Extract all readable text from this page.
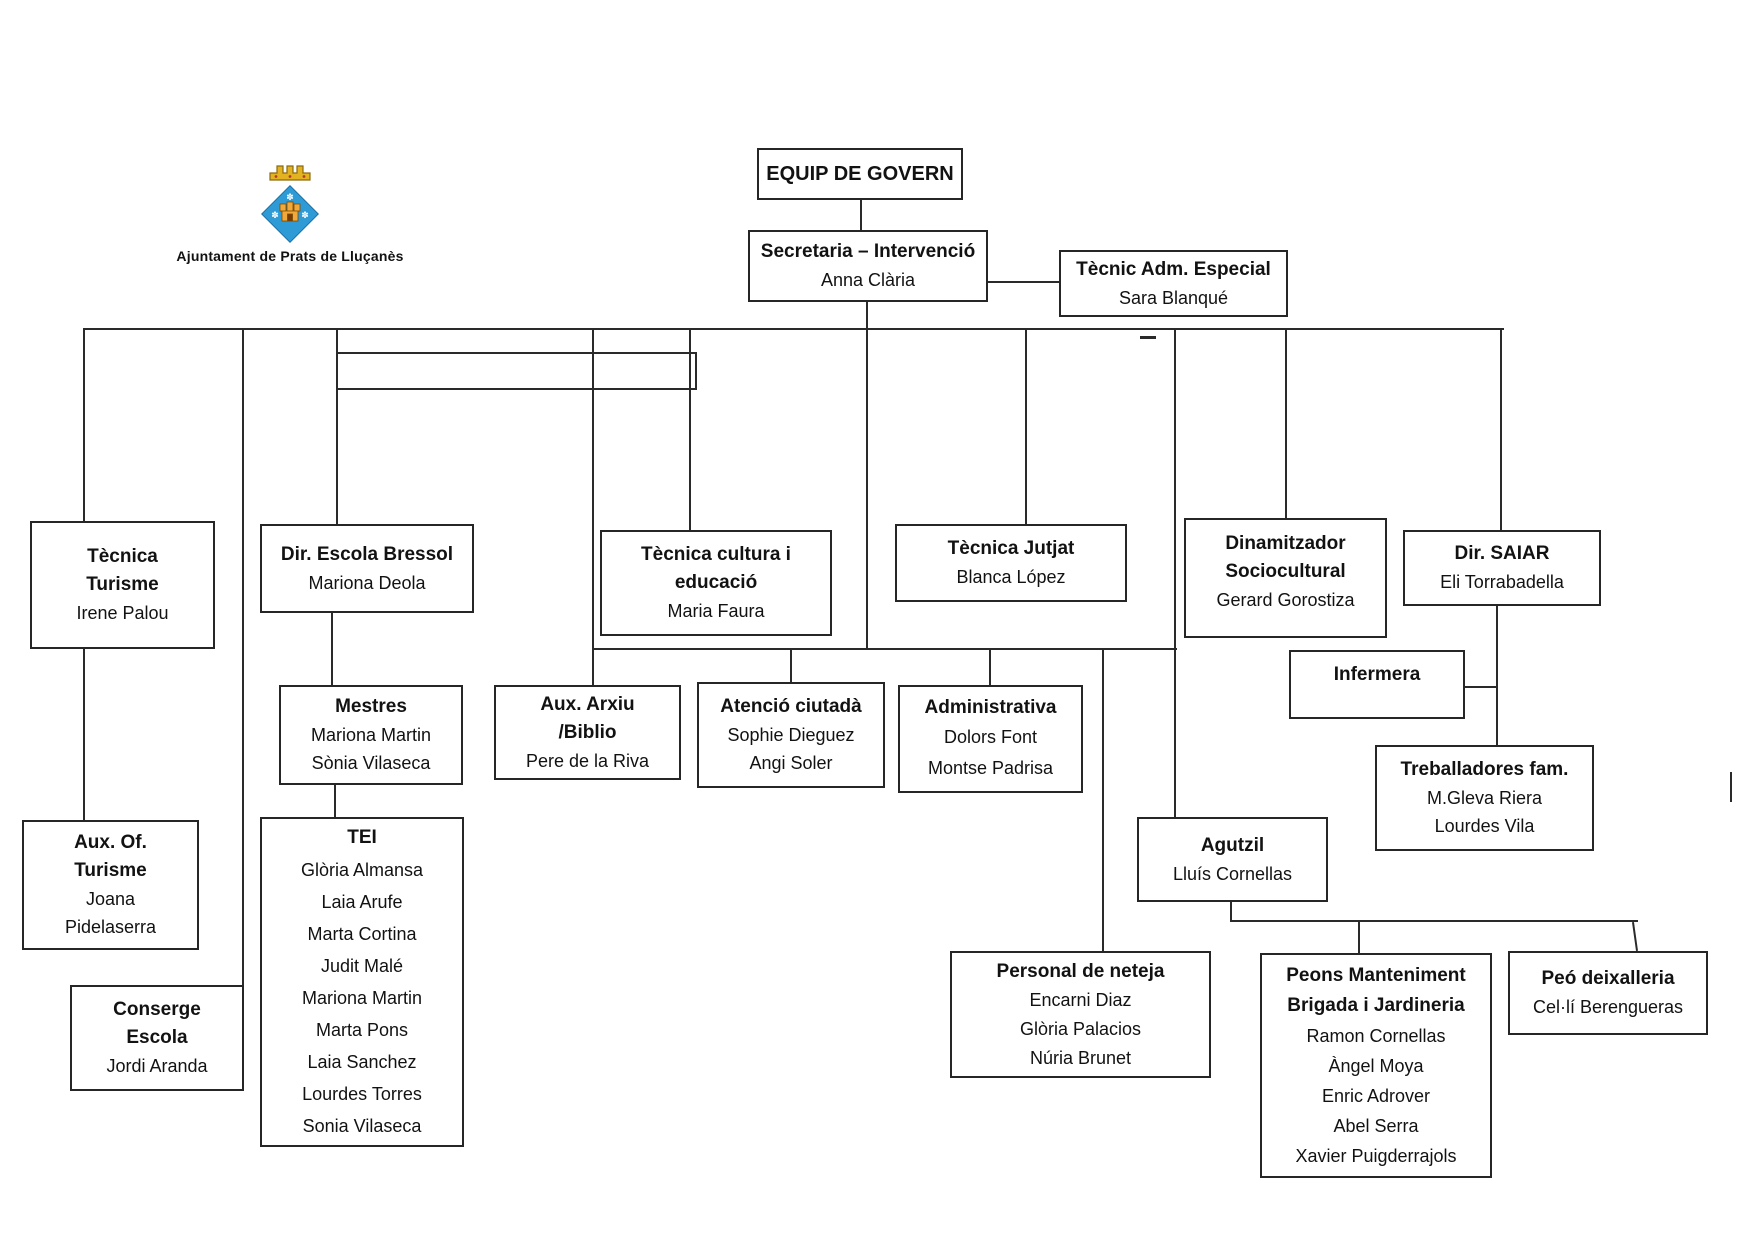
✽
✽ ✽
Ajuntament de Prats de Lluçanès
EQUIP DE GOVERN
Secretaria – Intervenció
Anna Clària
Tècnic Adm. Especial
Sara Blanqué
Tècnica
Turisme
Irene Palou
Dir. Escola Bressol
Mariona Deola
Tècnica cultura i
educació
Maria Faura
Tècnica Jutjat
Blanca López
Dinamitzador
Sociocultural
Gerard Gorostiza
Dir. SAIAR
Eli Torrabadella
Mestres
Mariona Martin
Sònia Vilaseca
Aux. Arxiu
/Biblio
Pere de la Riva
Atenció ciutadà
Sophie Dieguez
Angi Soler
Administrativa
Dolors Font
Montse Padrisa
Infermera
Treballadores fam.
M.Gleva Riera
Lourdes Vila
Aux. Of.
Turisme
Joana
Pidelaserra
Conserge
Escola
Jordi Aranda
TEI
Glòria Almansa
Laia Arufe
Marta Cortina
Judit Malé
Mariona Martin
Marta Pons
Laia Sanchez
Lourdes Torres
Sonia Vilaseca
Agutzil
Lluís Cornellas
Personal de neteja
Encarni Diaz
Glòria Palacios
Núria Brunet
Peons Manteniment
Brigada i Jardineria
Ramon Cornellas
Àngel Moya
Enric Adrover
Abel Serra
Xavier Puigderrajols
Peó deixalleria
Cel·lí Berengueras
